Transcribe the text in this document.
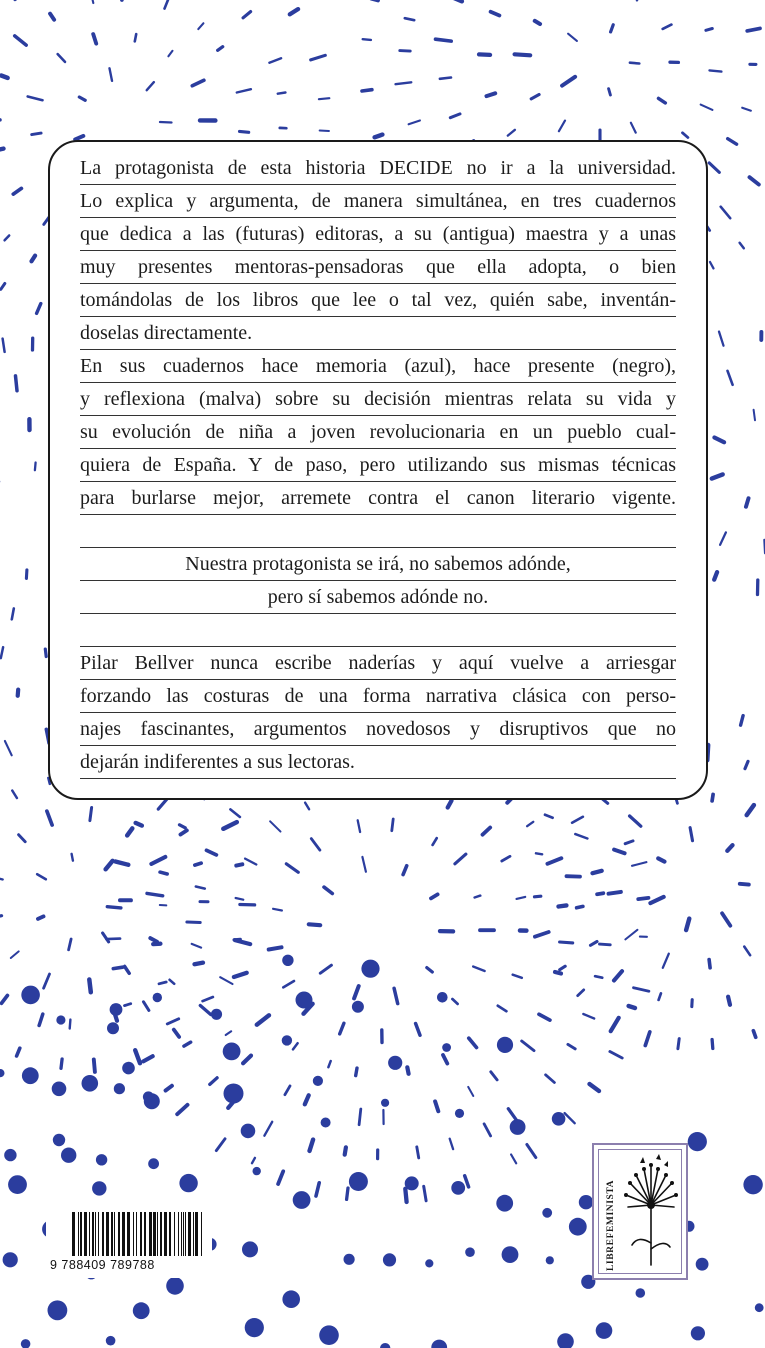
La protagonista de esta historia DECIDE no ir a la universidad.
Lo explica y argumenta, de manera simultánea, en tres cuadernos
que dedica a las (futuras) editoras, a su (antigua) maestra y a unas
muy presentes mentoras-pensadoras que ella adopta, o bien
tomándolas de los libros que lee o tal vez, quién sabe, inventán-
doselas directamente.
En sus cuadernos hace memoria (azul), hace presente (negro),
y reflexiona (malva) sobre su decisión mientras relata su vida y
su evolución de niña a joven revolucionaria en un pueblo cual-
quiera de España. Y de paso, pero utilizando sus mismas técnicas
para burlarse mejor, arremete contra el canon literario vigente.
Nuestra protagonista se irá, no sabemos adónde,
pero sí sabemos adónde no.
Pilar Bellver nunca escribe naderías y aquí vuelve a arriesgar
forzando las costuras de una forma narrativa clásica con perso-
najes fascinantes, argumentos novedosos y disruptivos que no
dejarán indiferentes a sus lectoras.
9 788409 789788	LIBREFEMINISTA
